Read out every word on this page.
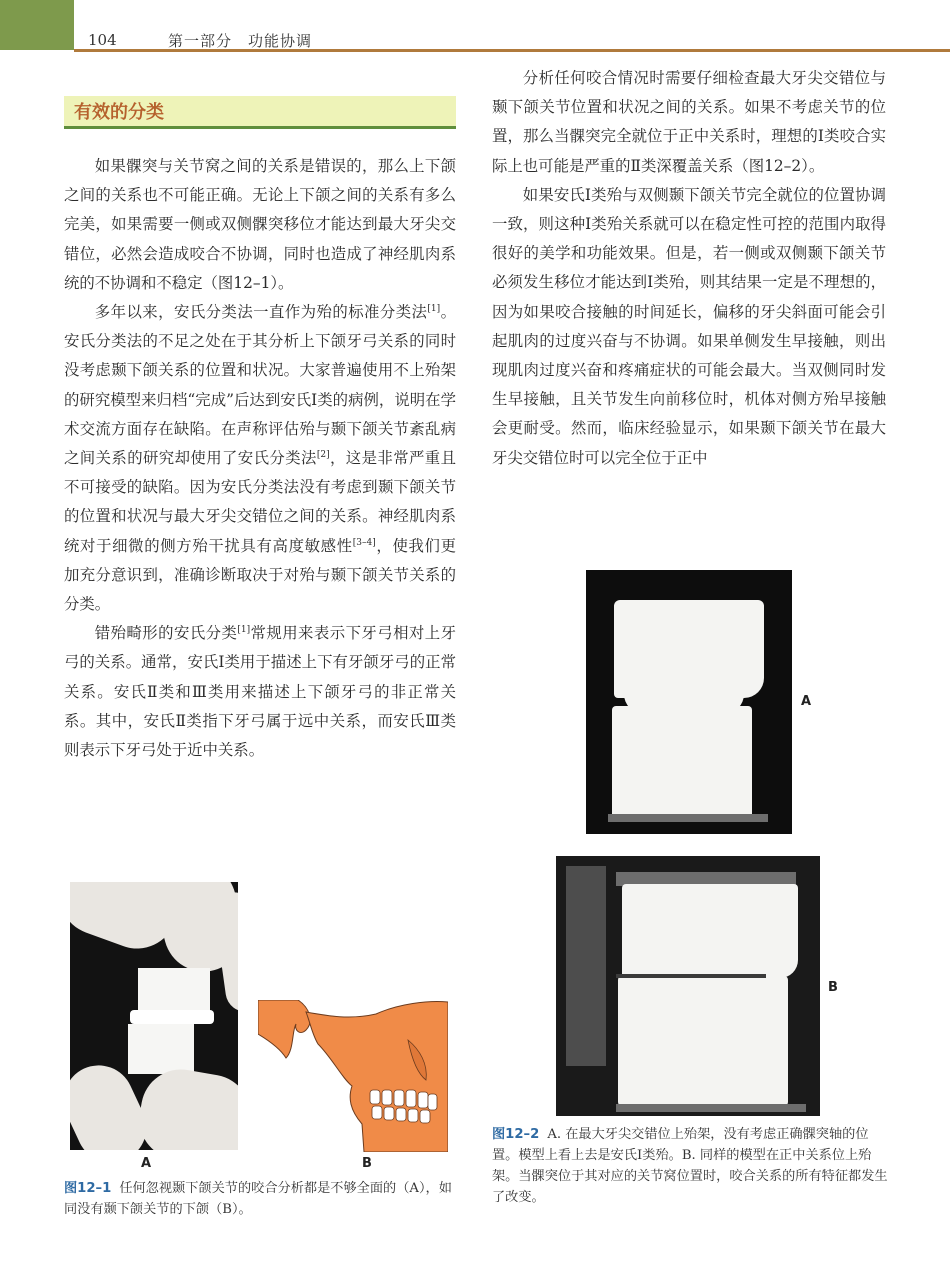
104	第一部分　功能协调
有效的分类

如果髁突与关节窝之间的关系是错误的，那么上下颌之间的关系也不可能正确。无论上下颌之间的关系有多么完美，如果需要一侧或双侧髁突移位才能达到最大牙尖交错位，必然会造成咬合不协调，同时也造成了神经肌肉系统的不协调和不稳定（图12–1）。

多年以来，安氏分类法一直作为殆的标准分类法[1]。安氏分类法的不足之处在于其分析上下颌牙弓关系的同时没考虑颞下颌关系的位置和状况。大家普遍使用不上殆架的研究模型来归档“完成”后达到安氏Ⅰ类的病例，说明在学术交流方面存在缺陷。在声称评估殆与颞下颌关节紊乱病之间关系的研究却使用了安氏分类法[2]，这是非常严重且不可接受的缺陷。因为安氏分类法没有考虑到颞下颌关节的位置和状况与最大牙尖交错位之间的关系。神经肌肉系统对于细微的侧方殆干扰具有高度敏感性[3–4]，使我们更加充分意识到，准确诊断取决于对殆与颞下颌关节关系的分类。

错殆畸形的安氏分类[1]常规用来表示下牙弓相对上牙弓的关系。通常，安氏Ⅰ类用于描述上下有牙颌牙弓的正常关系。安氏Ⅱ类和Ⅲ类用来描述上下颌牙弓的非正常关系。其中，安氏Ⅱ类指下牙弓属于远中关系，而安氏Ⅲ类则表示下牙弓处于近中关系。

分析任何咬合情况时需要仔细检查最大牙尖交错位与颞下颌关节位置和状况之间的关系。如果不考虑关节的位置，那么当髁突完全就位于正中关系时，理想的Ⅰ类咬合实际上也可能是严重的Ⅱ类深覆盖关系（图12–2）。

如果安氏Ⅰ类殆与双侧颞下颌关节完全就位的位置协调一致，则这种Ⅰ类殆关系就可以在稳定性可控的范围内取得很好的美学和功能效果。但是，若一侧或双侧颞下颌关节必须发生移位才能达到Ⅰ类殆，则其结果一定是不理想的，因为如果咬合接触的时间延长，偏移的牙尖斜面可能会引起肌肉的过度兴奋与不协调。如果单侧发生早接触，则出现肌肉过度兴奋和疼痛症状的可能会最大。当双侧同时发生早接触，且关节发生向前移位时，机体对侧方殆早接触会更耐受。然而，临床经验显示，如果颞下颌关节在最大牙尖交错位时可以完全位于正中

A	B
图12–1 任何忽视颞下颌关节的咬合分析都是不够全面的（A），如同没有颞下颌关节的下颌（B）。
A
B
图12–2 A. 在最大牙尖交错位上殆架，没有考虑正确髁突轴的位置。模型上看上去是安氏Ⅰ类殆。B. 同样的模型在正中关系位上殆架。当髁突位于其对应的关节窝位置时，咬合关系的所有特征都发生了改变。
